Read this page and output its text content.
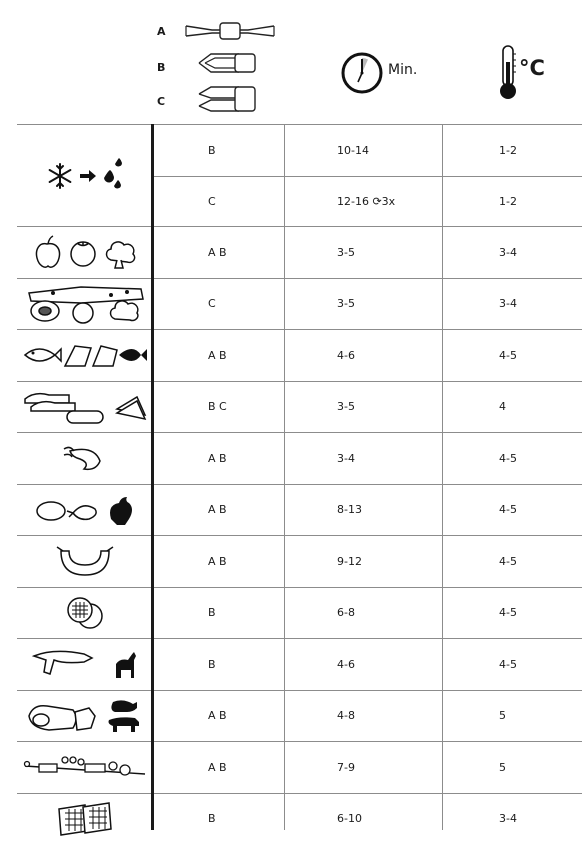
A
B
C
Min.	°C
B	10-14	1-2
C	12-16 ⟳3x	1-2
A B	3-5	3-4
C	3-5	3-4
A B	4-6	4-5
B C	3-5	4
A B	3-4	4-5
A B	8-13	4-5
A B	9-12	4-5
B	6-8	4-5
B	4-6	4-5
A B	4-8	5
A B	7-9	5
B	6-10	3-4
